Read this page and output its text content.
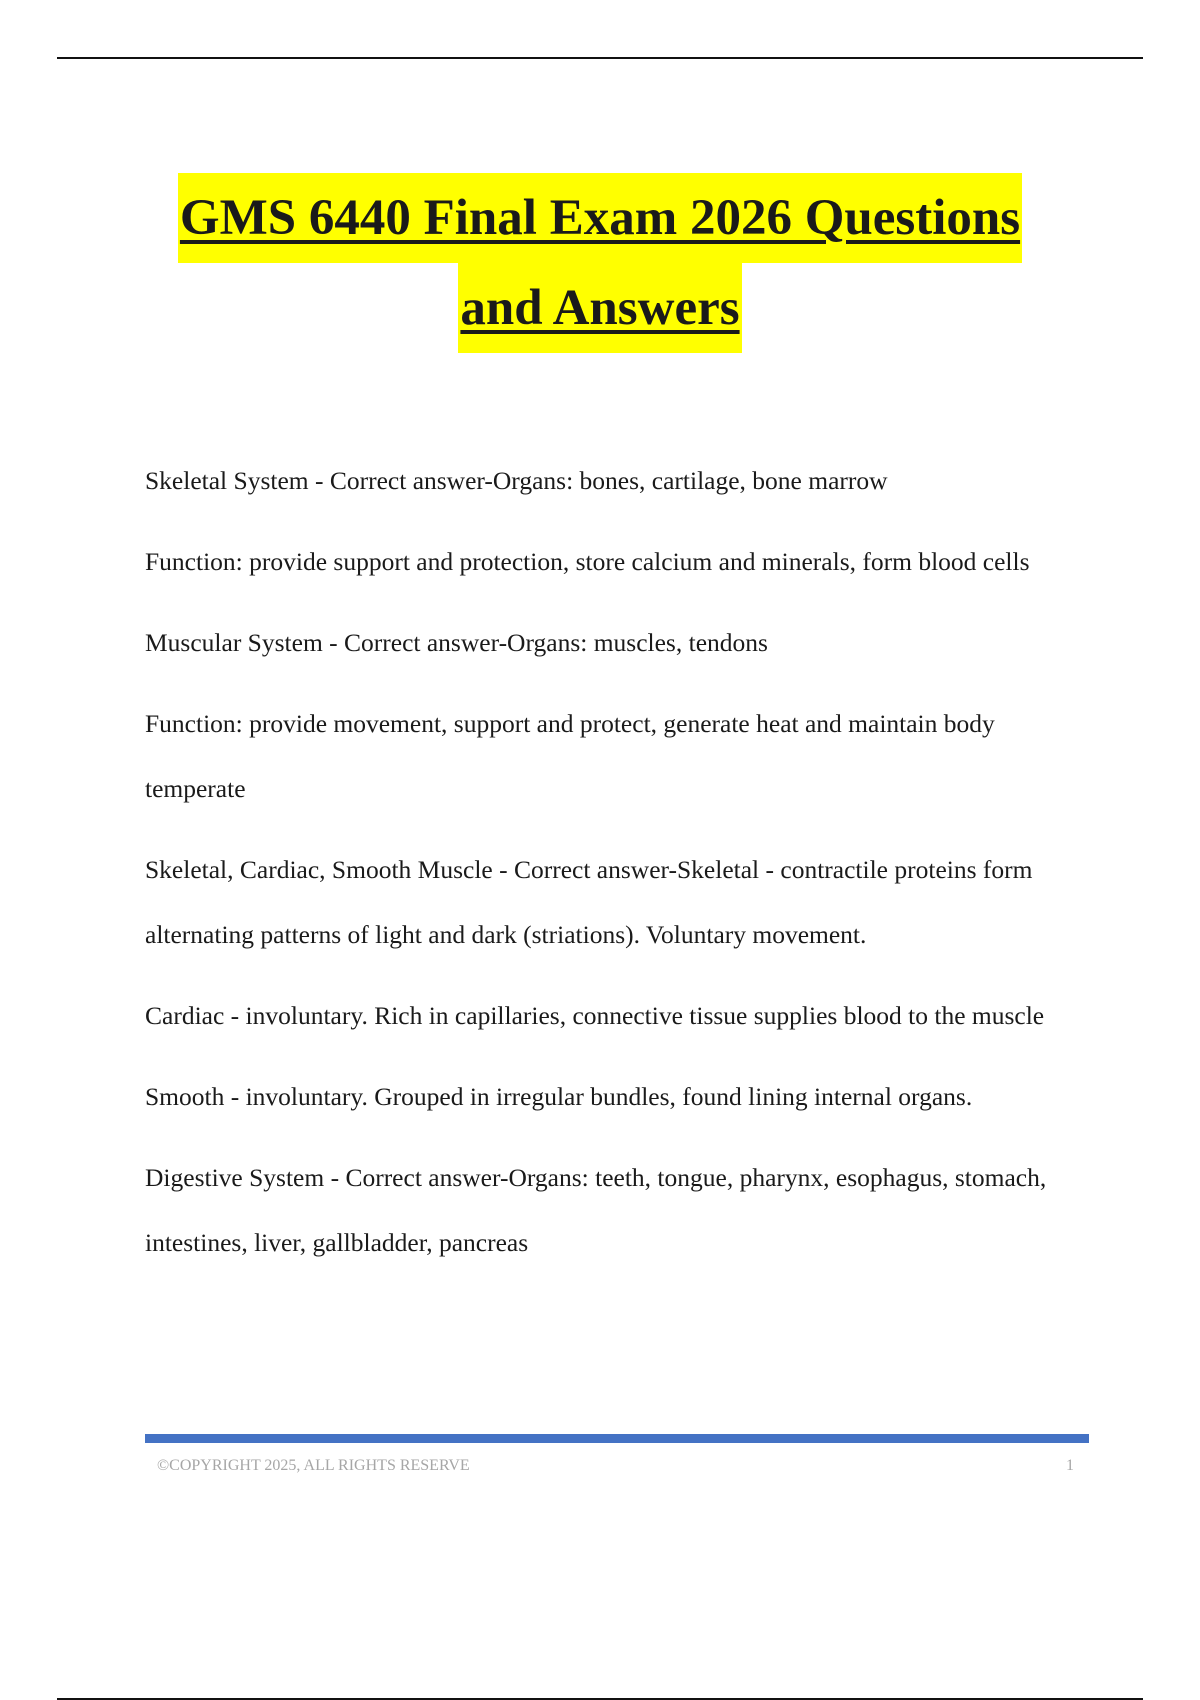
GMS 6440 Final Exam 2026 Questions
and Answers

Skeletal System - Correct answer-Organs: bones, cartilage, bone marrow

Function: provide support and protection, store calcium and minerals, form blood cells

Muscular System - Correct answer-Organs: muscles, tendons

Function: provide movement, support and protect, generate heat and maintain body temperate

Skeletal, Cardiac, Smooth Muscle - Correct answer-Skeletal - contractile proteins form alternating patterns of light and dark (striations). Voluntary movement.

Cardiac - involuntary. Rich in capillaries, connective tissue supplies blood to the muscle

Smooth - involuntary. Grouped in irregular bundles, found lining internal organs.

Digestive System - Correct answer-Organs: teeth, tongue, pharynx, esophagus, stomach, intestines, liver, gallbladder, pancreas

©COPYRIGHT 2025, ALL RIGHTS RESERVE	1
